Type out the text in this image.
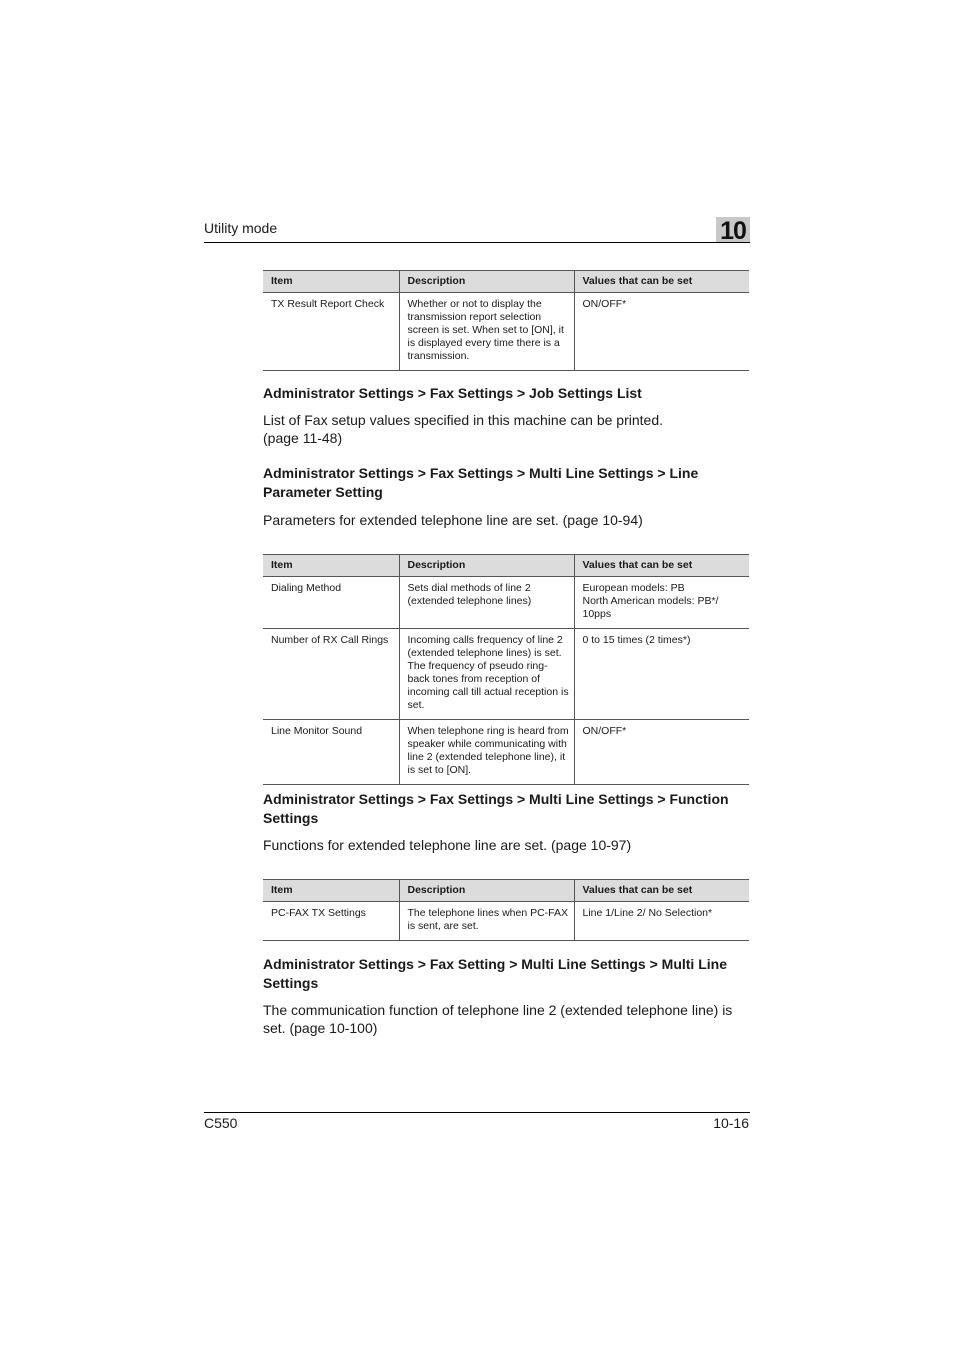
Utility mode	10
Item	Description	Values that can be set
TX Result Report Check	Whether or not to display the transmission report selection screen is set. When set to [ON], it is displayed every time there is a transmission.	ON/OFF*
Administrator Settings > Fax Settings > Job Settings List
List of Fax setup values specified in this machine can be printed. (page 11-48)
Administrator Settings > Fax Settings > Multi Line Settings > Line Parameter Setting
Parameters for extended telephone line are set. (page 10-94)
Item	Description	Values that can be set
Dialing Method	Sets dial methods of line 2 (extended telephone lines)	European models: PB
North American models: PB*/ 10pps
Number of RX Call Rings	Incoming calls frequency of line 2 (extended telephone lines) is set. The frequency of pseudo ring-back tones from reception of incoming call till actual reception is set.	0 to 15 times (2 times*)
Line Monitor Sound	When telephone ring is heard from speaker while communicating with line 2 (extended telephone line), it is set to [ON].	ON/OFF*
Administrator Settings > Fax Settings > Multi Line Settings > Function Settings
Functions for extended telephone line are set. (page 10-97)
Item	Description	Values that can be set
PC-FAX TX Settings	The telephone lines when PC-FAX is sent, are set.	Line 1/Line 2/ No Selection*
Administrator Settings > Fax Setting > Multi Line Settings > Multi Line Settings
The communication function of telephone line 2 (extended telephone line) is set. (page 10-100)
C550	10-16
